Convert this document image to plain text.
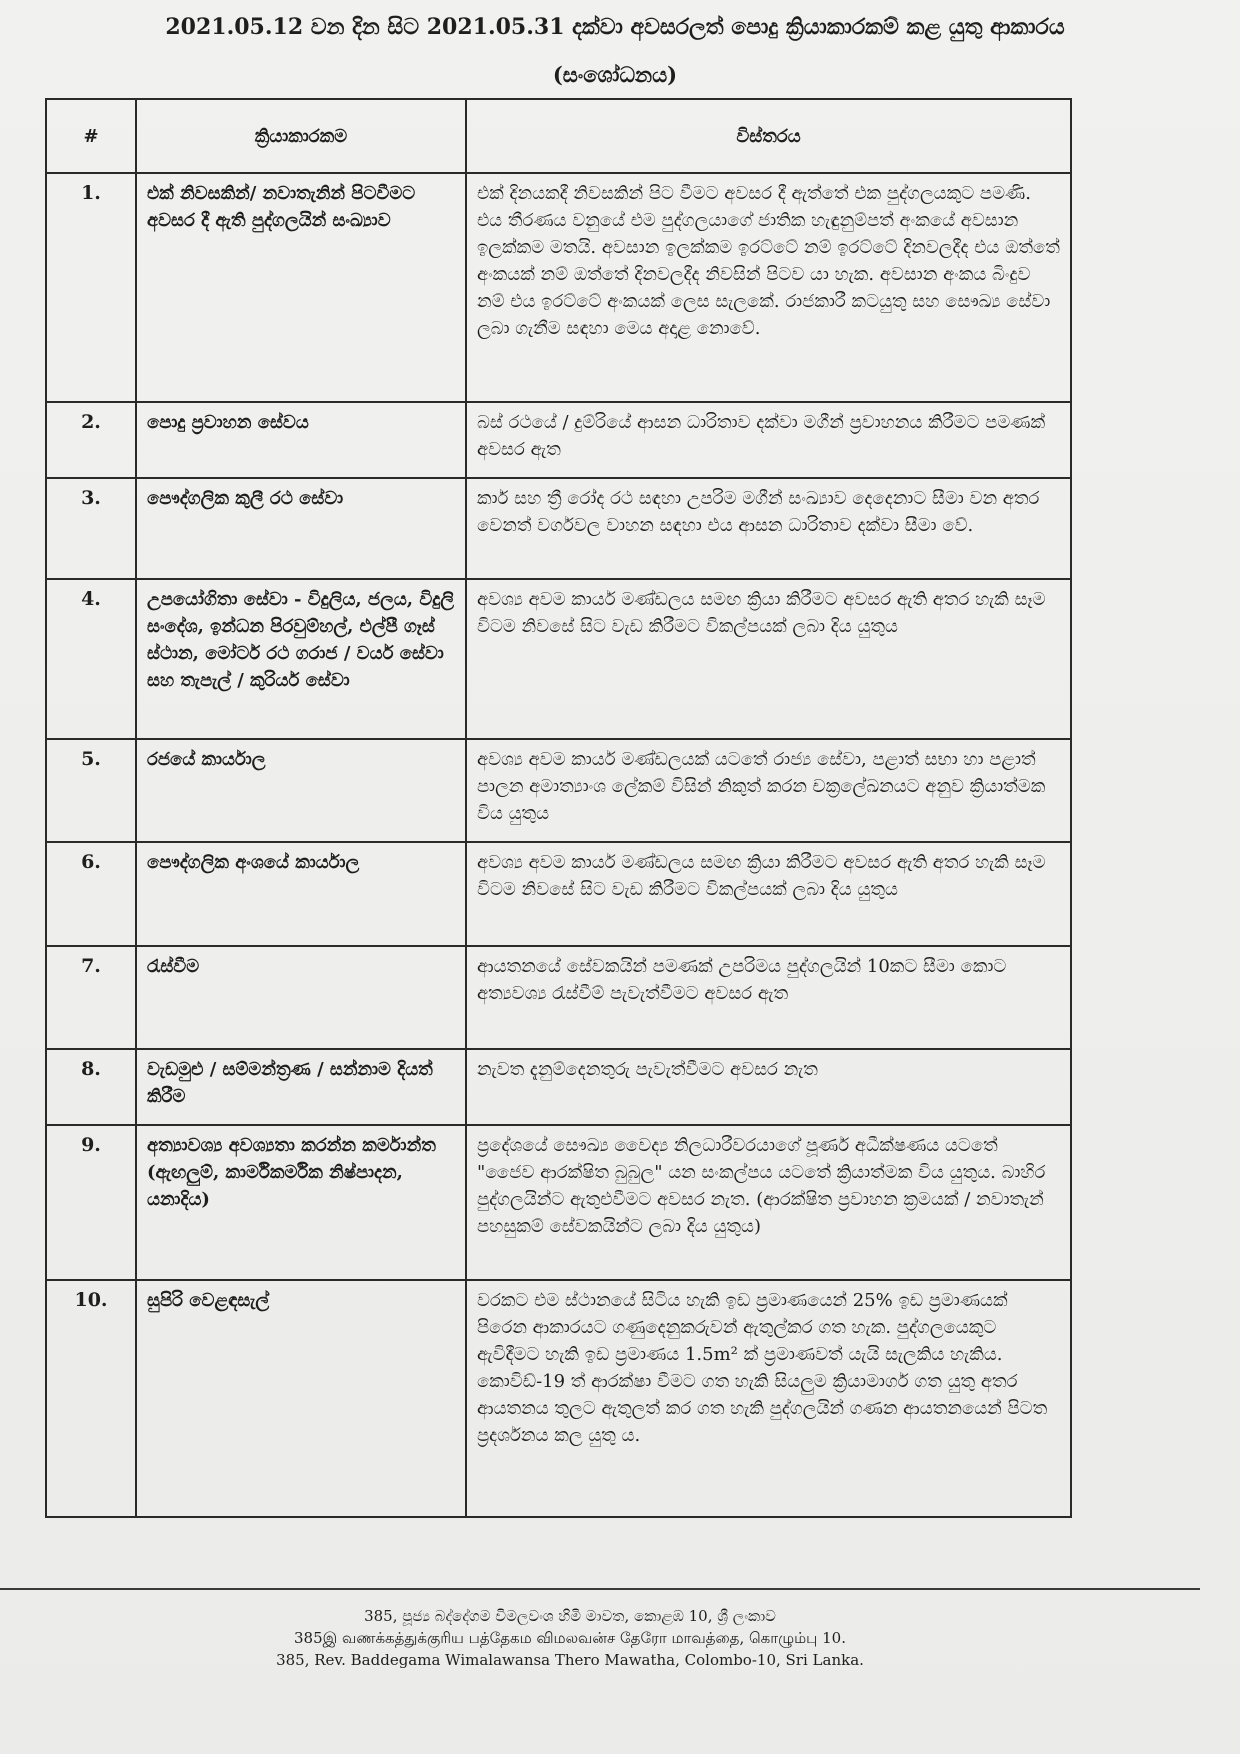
2021.05.12 වන දින සිට 2021.05.31 දක්වා අවසරලත් පොදු ක්‍රියාකාරකම් කළ යුතු ආකාරය
(සංශෝධනය)
#	ක්‍රියාකාරකම	විස්තරය
1.	එක් නිවසකින්/ නවාතැනින් පිටවීමට අවසර දී ඇති පුද්ගලයින් සංඛ්‍යාව	එක් දිනයකදී නිවසකින් පිට වීමට අවසර දී ඇත්තේ එක පුද්ගලයකුට පමණි. එය තීරණය වනුයේ එම පුද්ගලයාගේ ජාතික හැඳුනුම්පත් අංකයේ අවසාන ඉලක්කම මතයි. අවසාන ඉලක්කම ඉරට්ටේ නම් ඉරට්ටේ දිනවලදීද එය ඔත්තේ අංකයක් නම් ඔත්තේ දිනවලදීද නිවසින් පිටව යා හැක. අවසාන අංකය බිංදුව නම් එය ඉරට්ටේ අංකයක් ලෙස සැලකේ. රාජකාරී කටයුතු සහ සෞඛ්‍ය සේවා ලබා ගැනීම සඳහා මෙය අදාළ නොවේ.
2.	පොදු ප්‍රවාහන සේවය	බස් රථයේ / දුම්රියේ ආසන ධාරිතාව දක්වා මගීන් ප්‍රවාහනය කිරීමට පමණක් අවසර ඇත
3.	පෞද්ගලික කුලී රථ සේවා	කාර් සහ ත්‍රී රෝද රථ සඳහා උපරිම මගීන් සංඛ්‍යාව දෙදෙනාට සීමා වන අතර වෙනත් වර්ගවල වාහන සඳහා එය ආසන ධාරිතාව දක්වා සීමා වේ.
4.	උපයෝගිතා සේවා - විදුලිය, ජලය, විදුලි සංදේශ, ඉන්ධන පිරවුම්හල්, එල්පී ගෑස් ස්ථාන, මෝටර් රථ ගරාජ / වයර් සේවා සහ තැපැල් / කුරියර් සේවා	අවශ්‍ය අවම කාර්ය මණ්ඩලය සමඟ ක්‍රියා කිරීමට අවසර ඇති අතර හැකි සෑම විටම නිවසේ සිට වැඩ කිරීමට විකල්පයක් ලබා දිය යුතුය
5.	රජයේ කාර්යාල	අවශ්‍ය අවම කාර්ය මණ්ඩලයක් යටතේ රාජ්‍ය සේවා, පළාත් සභා හා පළාත් පාලන අමාත්‍යාංශ ලේකම් විසින් නිකුත් කරන චක්‍රලේඛනයට අනුව ක්‍රියාත්මක විය යුතුය
6.	පෞද්ගලික අංශයේ කාර්යාල	අවශ්‍ය අවම කාර්ය මණ්ඩලය සමඟ ක්‍රියා කිරීමට අවසර ඇති අතර හැකි සෑම විටම නිවසේ සිට වැඩ කිරීමට විකල්පයක් ලබා දිය යුතුය
7.	රැස්වීම	ආයතනයේ සේවකයින් පමණක් උපරිමය පුද්ගලයින් 10කට සීමා කොට අත්‍යවශ්‍ය රැස්වීම් පැවැත්වීමට අවසර ඇත
8.	වැඩමුළු / සම්මන්ත්‍රණ / සන්නාම දියත් කිරීම	නැවත දැනුම්දෙනතුරු පැවැත්වීමට අවසර නැත
9.	අත්‍යාවශ්‍ය අවශ්‍යතා කරන්න කර්මාන්ත (ඇඟලුම්, කාර්මිකර්මික නිෂ්පාදන, යනාදිය)	ප්‍රදේශයේ සෞඛ්‍ය වෛද්‍ය නිලධාරීවරයාගේ පූර්ණ අධීක්ෂණය යටතේ "ජෛව ආරක්ෂිත බුබුල" යන සංකල්පය යටතේ ක්‍රියාත්මක විය යුතුය. බාහිර පුද්ගලයින්ට ඇතුළුවීමට අවසර නැත. (ආරක්ෂිත ප්‍රවාහන ක්‍රමයක් / නවාතැන් පහසුකම් සේවකයින්ට ලබා දිය යුතුය)
10.	සුපිරි වෙළඳසැල්	වරකට එම ස්ථානයේ සිටිය හැකි ඉඩ ප්‍රමාණයෙන් 25% ඉඩ ප්‍රමාණයක් පිරෙන ආකාරයට ගණුදෙනුකරුවන් ඇතුල්කර ගත හැක. පුද්ගලයෙකුට ඇවිදීමට හැකි ඉඩ ප්‍රමාණය 1.5m² ක් ප්‍රමාණවත් යැයි සැලකිය හැකිය. කොවිඩ්-19 ත් ආරක්ෂා වීමට ගත හැකි සියලුම ක්‍රියාමාර්ග ගත යුතු අතර ආයතනය තුලට ඇතුලත් කර ගත හැකි පුද්ගලයින් ගණන ආයතනයෙන් පිටත ප්‍රදර්ශනය කල යුතු ය.
385, පූජ්‍ය බද්දේගම විමලවංශ හිමි මාවත, කොළඹ 10, ශ්‍රී ලංකාව
385இ வணக்கத்துக்குரிய பத்தேகம விமலவன்ச தேரோ மாவத்தை, கொழும்பு 10.
385, Rev. Baddegama Wimalawansa Thero Mawatha, Colombo-10, Sri Lanka.
